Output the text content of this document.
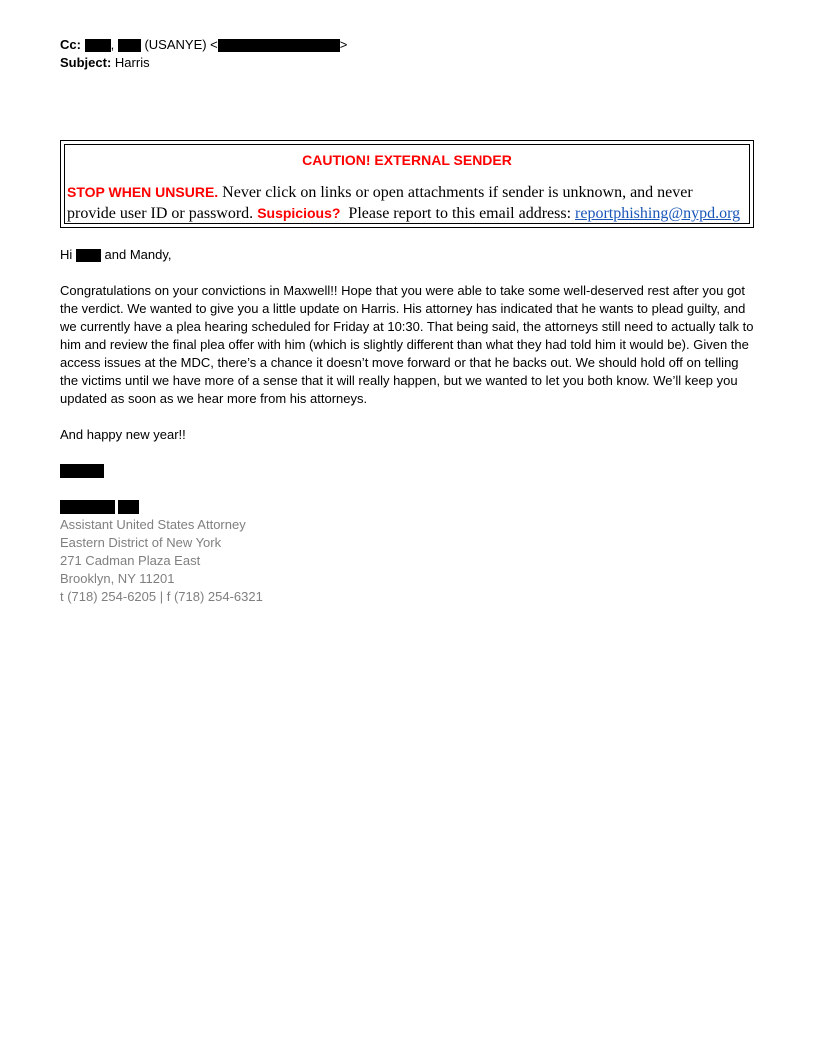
Cc: , (USANYE) <	>
Subject: Harris
CAUTION! EXTERNAL SENDER
STOP WHEN UNSURE. Never click on links or open attachments if sender is unknown, and never provide user ID or password. Suspicious?  Please report to this email address: reportphishing@nypd.org
Hi  and Mandy,
Congratulations on your convictions in Maxwell!! Hope that you were able to take some well-deserved rest after you got the verdict. We wanted to give you a little update on Harris. His attorney has indicated that he wants to plead guilty, and we currently have a plea hearing scheduled for Friday at 10:30. That being said, the attorneys still need to actually talk to him and review the final plea offer with him (which is slightly different than what they had told him it would be). Given the access issues at the MDC, there’s a chance it doesn’t move forward or that he backs out. We should hold off on telling the victims until we have more of a sense that it will really happen, but we wanted to let you both know. We’ll keep you updated as soon as we hear more from his attorneys.
And happy new year!!
Assistant United States Attorney
Eastern District of New York
271 Cadman Plaza East
Brooklyn, NY 11201
t (718) 254-6205 | f (718) 254-6321
